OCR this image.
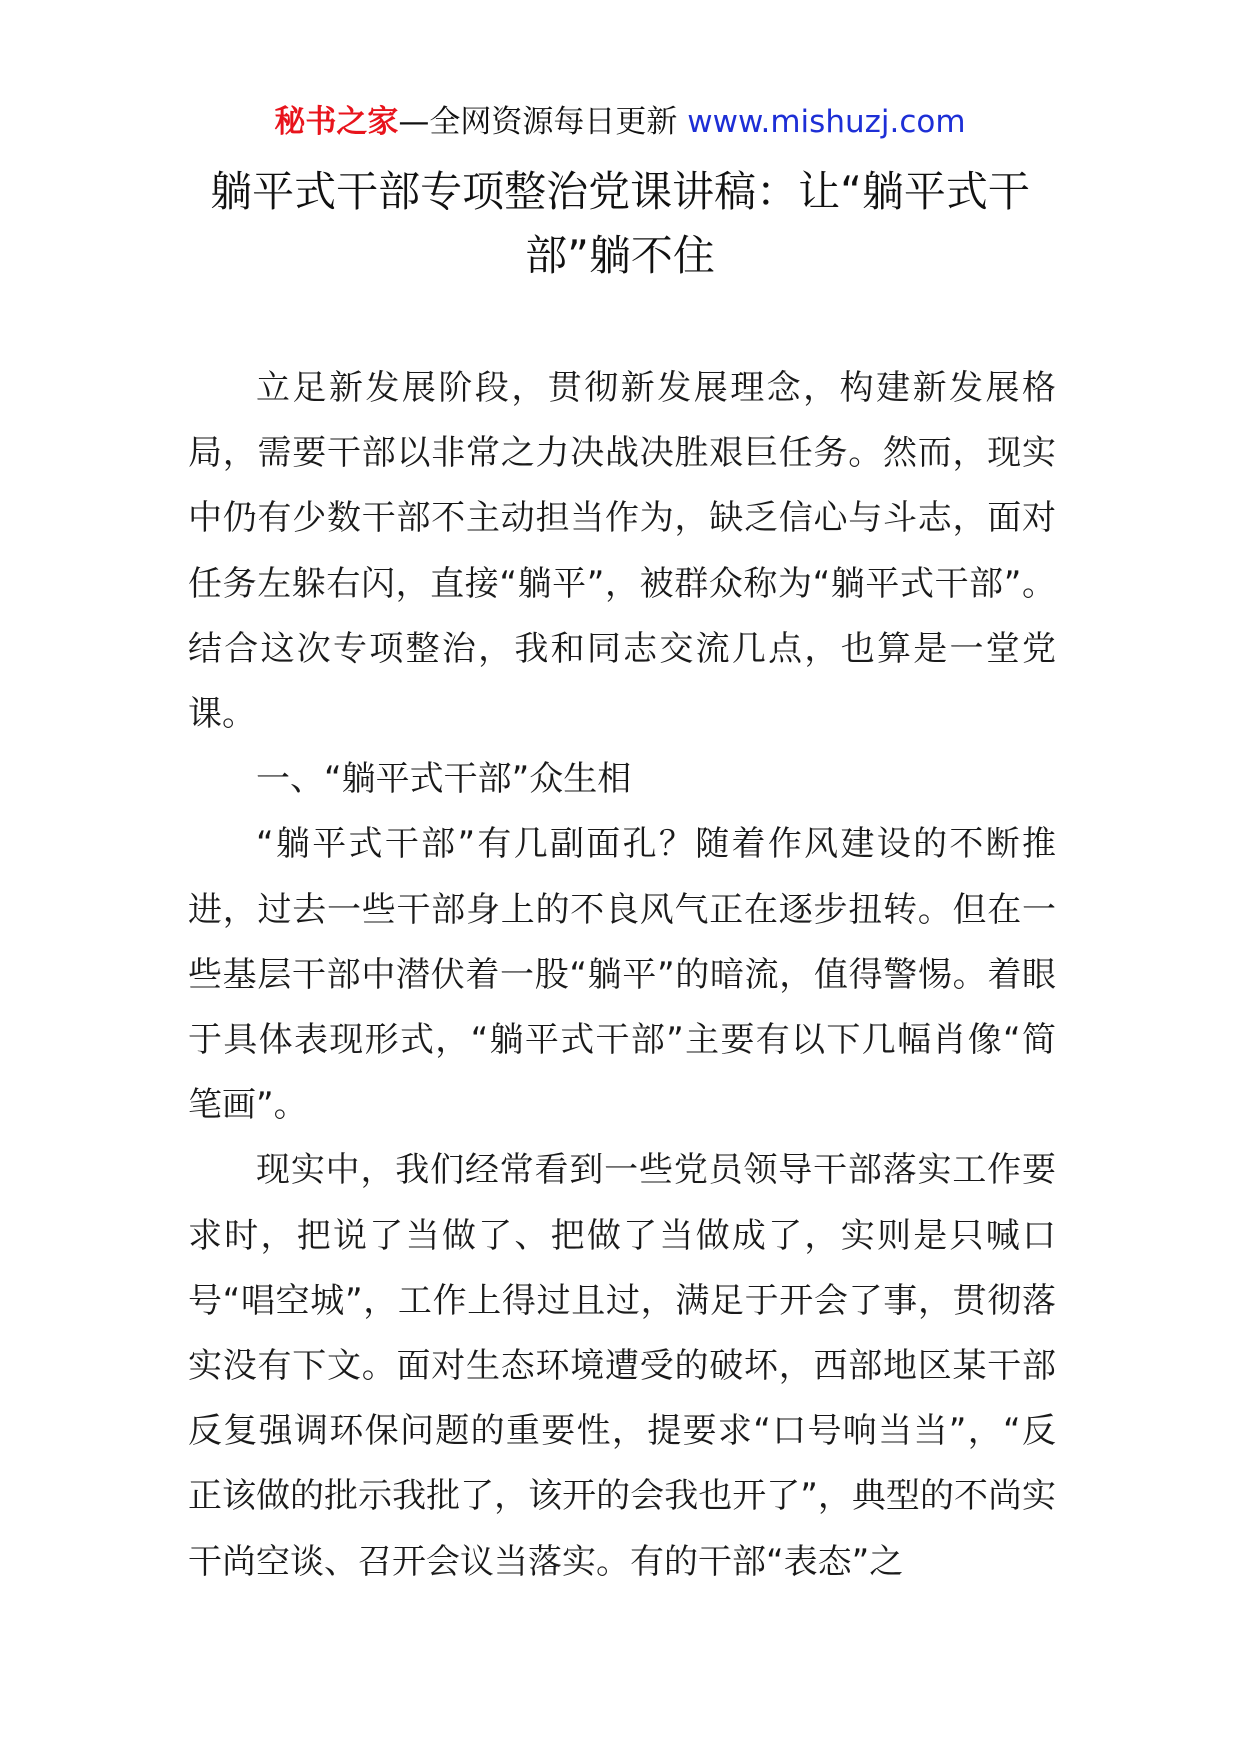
秘书之家—全网资源每日更新 www.mishuzj.com
躺平式干部专项整治党课讲稿：让“躺平式干部”躺不住

立足新发展阶段，贯彻新发展理念，构建新发展格局，需要干部以非常之力决战决胜艰巨任务。然而，现实中仍有少数干部不主动担当作为，缺乏信心与斗志，面对任务左躲右闪，直接“躺平”，被群众称为“躺平式干部”。结合这次专项整治，我和同志交流几点，也算是一堂党课。

一、“躺平式干部”众生相

“躺平式干部”有几副面孔？随着作风建设的不断推进，过去一些干部身上的不良风气正在逐步扭转。但在一些基层干部中潜伏着一股“躺平”的暗流，值得警惕。着眼于具体表现形式，“躺平式干部”主要有以下几幅肖像“简笔画”。

现实中，我们经常看到一些党员领导干部落实工作要求时，把说了当做了、把做了当做成了，实则是只喊口号“唱空城”，工作上得过且过，满足于开会了事，贯彻落实没有下文。面对生态环境遭受的破坏，西部地区某干部反复强调环保问题的重要性，提要求“口号响当当”，“反正该做的批示我批了，该开的会我也开了”，典型的不尚实干尚空谈、召开会议当落实。有的干部“表态”之
